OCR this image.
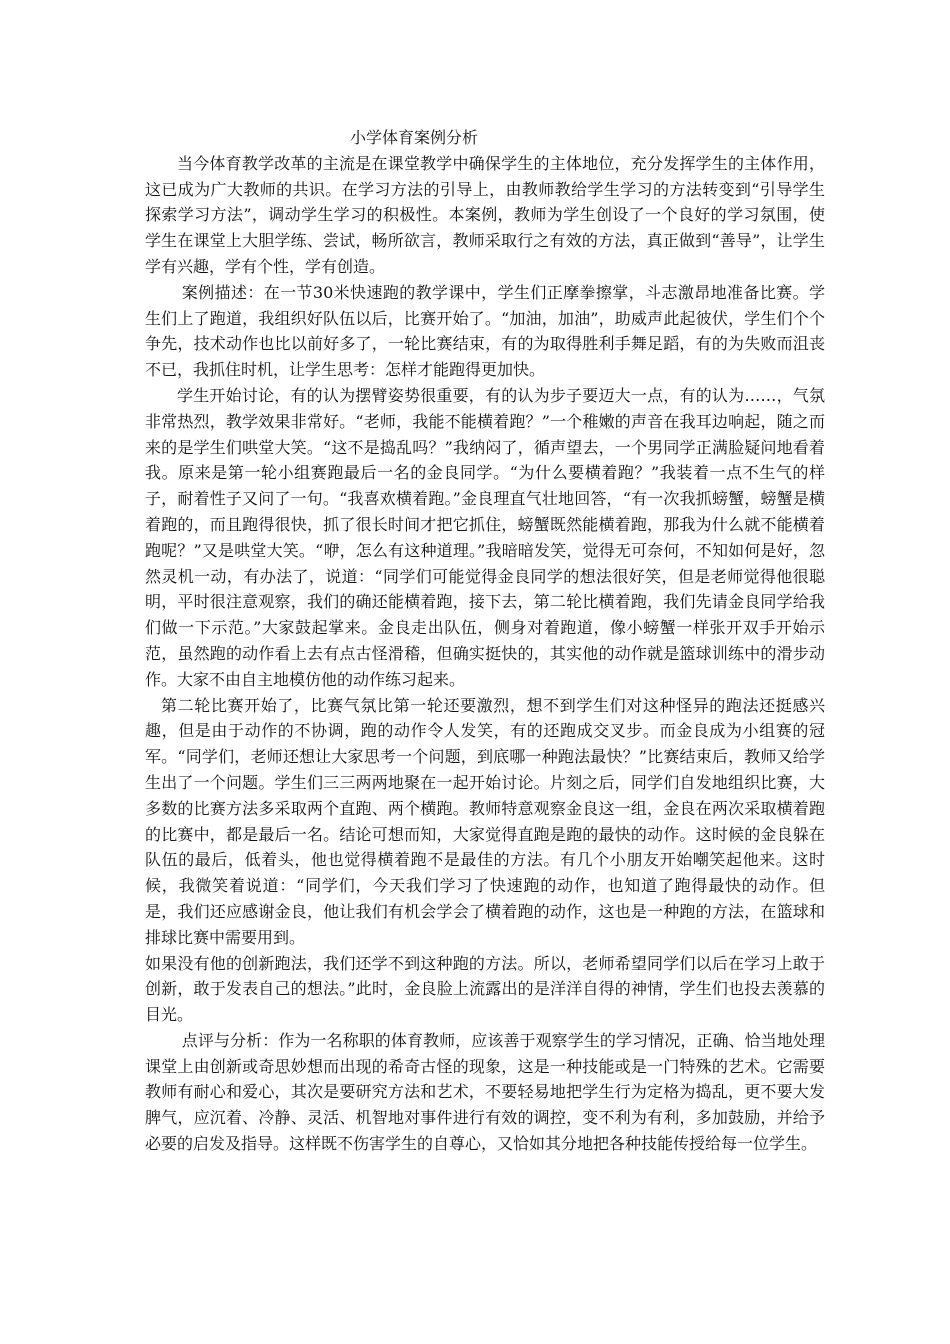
小学体育案例分析

当今体育教学改革的主流是在课堂教学中确保学生的主体地位，充分发挥学生的主体作用，这已成为广大教师的共识。在学习方法的引导上，由教师教给学生学习的方法转变到“引导学生探索学习方法”，调动学生学习的积极性。本案例，教师为学生创设了一个良好的学习氛围，使学生在课堂上大胆学练、尝试，畅所欲言，教师采取行之有效的方法，真正做到“善导”，让学生学有兴趣，学有个性，学有创造。

案例描述：在一节30米快速跑的教学课中，学生们正摩拳擦掌，斗志激昂地准备比赛。学生们上了跑道，我组织好队伍以后，比赛开始了。“加油，加油”，助威声此起彼伏，学生们个个争先，技术动作也比以前好多了，一轮比赛结束，有的为取得胜利手舞足蹈，有的为失败而沮丧不已，我抓住时机，让学生思考：怎样才能跑得更加快。

学生开始讨论，有的认为摆臂姿势很重要，有的认为步子要迈大一点，有的认为……，气氛非常热烈，教学效果非常好。“老师，我能不能横着跑？”一个稚嫩的声音在我耳边响起，随之而来的是学生们哄堂大笑。“这不是捣乱吗？”我纳闷了，循声望去，一个男同学正满脸疑问地看着我。原来是第一轮小组赛跑最后一名的金良同学。“为什么要横着跑？”我装着一点不生气的样子，耐着性子又问了一句。“我喜欢横着跑。”金良理直气壮地回答，“有一次我抓螃蟹，螃蟹是横着跑的，而且跑得很快，抓了很长时间才把它抓住，螃蟹既然能横着跑，那我为什么就不能横着跑呢？”又是哄堂大笑。“咿，怎么有这种道理。”我暗暗发笑，觉得无可奈何，不知如何是好，忽然灵机一动，有办法了，说道：“同学们可能觉得金良同学的想法很好笑，但是老师觉得他很聪明，平时很注意观察，我们的确还能横着跑，接下去，第二轮比横着跑，我们先请金良同学给我们做一下示范。”大家鼓起掌来。金良走出队伍，侧身对着跑道，像小螃蟹一样张开双手开始示范，虽然跑的动作看上去有点古怪滑稽，但确实挺快的，其实他的动作就是篮球训练中的滑步动作。大家不由自主地模仿他的动作练习起来。

第二轮比赛开始了，比赛气氛比第一轮还要激烈，想不到学生们对这种怪异的跑法还挺感兴趣，但是由于动作的不协调，跑的动作令人发笑，有的还跑成交叉步。而金良成为小组赛的冠军。“同学们，老师还想让大家思考一个问题，到底哪一种跑法最快？”比赛结束后，教师又给学生出了一个问题。学生们三三两两地聚在一起开始讨论。片刻之后，同学们自发地组织比赛，大多数的比赛方法多采取两个直跑、两个横跑。教师特意观察金良这一组，金良在两次采取横着跑的比赛中，都是最后一名。结论可想而知，大家觉得直跑是跑的最快的动作。这时候的金良躲在队伍的最后，低着头，他也觉得横着跑不是最佳的方法。有几个小朋友开始嘲笑起他来。这时候，我微笑着说道：“同学们，今天我们学习了快速跑的动作，也知道了跑得最快的动作。但是，我们还应感谢金良，他让我们有机会学会了横着跑的动作，这也是一种跑的方法，在篮球和排球比赛中需要用到。

如果没有他的创新跑法，我们还学不到这种跑的方法。所以，老师希望同学们以后在学习上敢于创新，敢于发表自己的想法。”此时，金良脸上流露出的是洋洋自得的神情，学生们也投去羡慕的目光。

点评与分析：作为一名称职的体育教师，应该善于观察学生的学习情况，正确、恰当地处理课堂上由创新或奇思妙想而出现的希奇古怪的现象，这是一种技能或是一门特殊的艺术。它需要教师有耐心和爱心，其次是要研究方法和艺术，不要轻易地把学生行为定格为捣乱，更不要大发脾气，应沉着、冷静、灵活、机智地对事件进行有效的调控，变不利为有利，多加鼓励，并给予必要的启发及指导。这样既不伤害学生的自尊心，又恰如其分地把各种技能传授给每一位学生。
